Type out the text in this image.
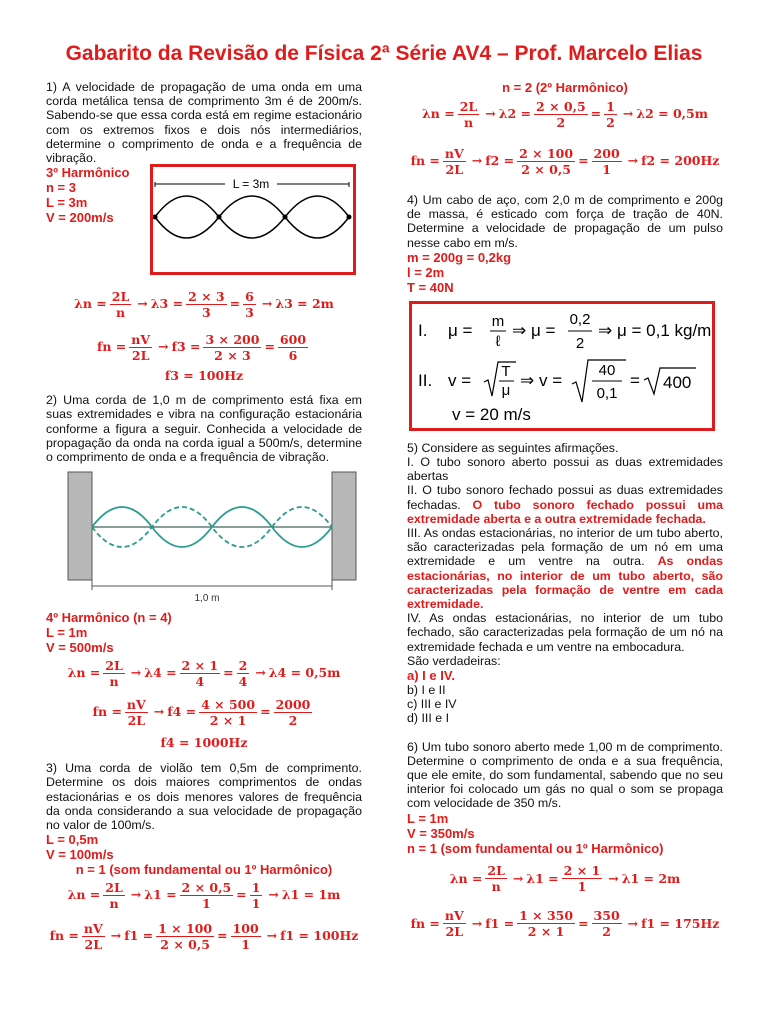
Gabarito da Revisão de Física 2ª Série AV4 – Prof. Marcelo Elias

1) A velocidade de propagação de uma onda em uma corda metálica tensa de comprimento 3m é de 200m/s. Sabendo-se que essa corda está em regime estacionário com os extremos fixos e dois nós intermediários, determine o comprimento de onda e a frequência de vibração.

3º Harmônico
n = 3
L = 3m
V = 200m/s
L = 3m
$\lambda n = \frac{2L}{n} \to \lambda 3 = \frac{2 \times 3}{3} = \frac{6}{3} \to \lambda 3 = 2m$
fn = $\frac{nV}{2L} \to f3 = \frac{3 \times 200}{2 \times 3} = \frac{600}{6}$
f3 = 100Hz

2) Uma corda de 1,0 m de comprimento está fixa em suas extremidades e vibra na configuração estacionária conforme a figura a seguir. Conhecida a velocidade de propagação da onda na corda igual a 500m/s, determine o comprimento de onda e a frequência de vibração.

1,0 m
4º Harmônico (n = 4)
L = 1m
V = 500m/s
$\lambda n = \frac{2L}{n} \to \lambda 4 = \frac{2 \times 1}{4} = \frac{2}{4} \to \lambda 4 = 0,5m$
fn = $\frac{nV}{2L} \to f4 = \frac{4 \times 500}{2 \times 1} = \frac{2000}{2}$
f4 = 1000Hz

3) Uma corda de violão tem 0,5m de comprimento. Determine os dois maiores comprimentos de ondas estacionárias e os dois menores valores de frequência da onda considerando a sua velocidade de propagação no valor de 100m/s.

L = 0,5m
V = 100m/s
n = 1 (som fundamental ou 1º Harmônico)
$\lambda n = \frac{2L}{n} \to \lambda 1 = \frac{2 \times 0,5}{1} = \frac{1}{1} \to \lambda 1 = 1m$
fn = $\frac{nV}{2L} \to f1 = \frac{1 \times 100}{2 \times 0,5} = \frac{100}{1} \to f1 = 100Hz$
n = 2 (2º Harmônico)
$\lambda n = \frac{2L}{n} \to \lambda 2 = \frac{2 \times 0,5}{2} = \frac{1}{2} \to \lambda 2 = 0,5m$
fn = $\frac{nV}{2L} \to f2 = \frac{2 \times 100}{2 \times 0,5} = \frac{200}{1} \to f2 = 200Hz$

4) Um cabo de aço, com 2,0 m de comprimento e 200g de massa, é esticado com força de tração de 40N. Determine a velocidade de propagação de um pulso nesse cabo em m/s.

m = 200g = 0,2kg
l = 2m
T = 40N
I. μ = m
ℓ
⇒ μ =
0,2
2
⇒ μ = 0,1 kg/m
II. v = T
μ
⇒ v =
40
0,1
= 400
v = 20 m/s

5) Considere as seguintes afirmações.

I. O tubo sonoro aberto possui as duas extremidades abertas

II. O tubo sonoro fechado possui as duas extremidades fechadas. O tubo sonoro fechado possui uma extremidade aberta e a outra extremidade fechada.

III. As ondas estacionárias, no interior de um tubo aberto, são caracterizadas pela formação de um nó em uma extremidade e um ventre na outra. As ondas estacionárias, no interior de um tubo aberto, são caracterizadas pela formação de ventre em cada extremidade.

IV. As ondas estacionárias, no interior de um tubo fechado, são caracterizadas pela formação de um nó na extremidade fechada e um ventre na embocadura.

São verdadeiras:

a) I e IV.

b) I e II

c) III e IV

d) III e I

6) Um tubo sonoro aberto mede 1,00 m de comprimento. Determine o comprimento de onda e a sua frequência, que ele emite, do som fundamental, sabendo que no seu interior foi colocado um gás no qual o som se propaga com velocidade de 350 m/s.

L = 1m
V = 350m/s
n = 1 (som fundamental ou 1º Harmônico)
$\lambda n = \frac{2L}{n} \to \lambda 1 = \frac{2 \times 1}{1} \to \lambda 1 = 2m$
fn = $\frac{nV}{2L} \to f1 = \frac{1 \times 350}{2 \times 1} = \frac{350}{2} \to f1 = 175Hz$
